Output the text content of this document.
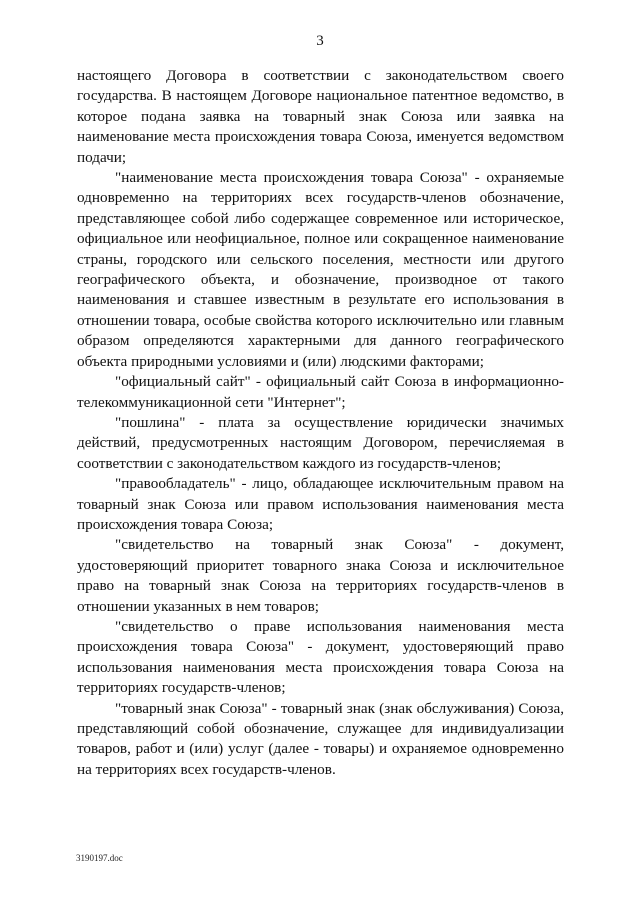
3

настоящего Договора в соответствии с законодательством своего государства. В настоящем Договоре национальное патентное ведомство, в которое подана заявка на товарный знак Союза или заявка на наименование места происхождения товара Союза, именуется ведомством подачи;

"наименование места происхождения товара Союза" - охраняемые одновременно на территориях всех государств-членов обозначение, представляющее собой либо содержащее современное или историческое, официальное или неофициальное, полное или сокращенное наименование страны, городского или сельского поселения, местности или другого географического объекта, и обозначение, производное от такого наименования и ставшее известным в результате его использования в отношении товара, особые свойства которого исключительно или главным образом определяются характерными для данного географического объекта природными условиями и (или) людскими факторами;

"официальный сайт" - официальный сайт Союза в информационно-телекоммуникационной сети "Интернет";

"пошлина" - плата за осуществление юридически значимых действий, предусмотренных настоящим Договором, перечисляемая в соответствии с законодательством каждого из государств-членов;

"правообладатель" - лицо, обладающее исключительным правом на товарный знак Союза или правом использования наименования места происхождения товара Союза;

"свидетельство на товарный знак Союза" - документ, удостоверяющий приоритет товарного знака Союза и исключительное право на товарный знак Союза на территориях государств-членов в отношении указанных в нем товаров;

"свидетельство о праве использования наименования места происхождения товара Союза" - документ, удостоверяющий право использования наименования места происхождения товара Союза на территориях государств-членов;

"товарный знак Союза" - товарный знак (знак обслуживания) Союза, представляющий собой обозначение, служащее для индивидуализации товаров, работ и (или) услуг (далее - товары) и охраняемое одновременно на территориях всех государств-членов.

3190197.doc
